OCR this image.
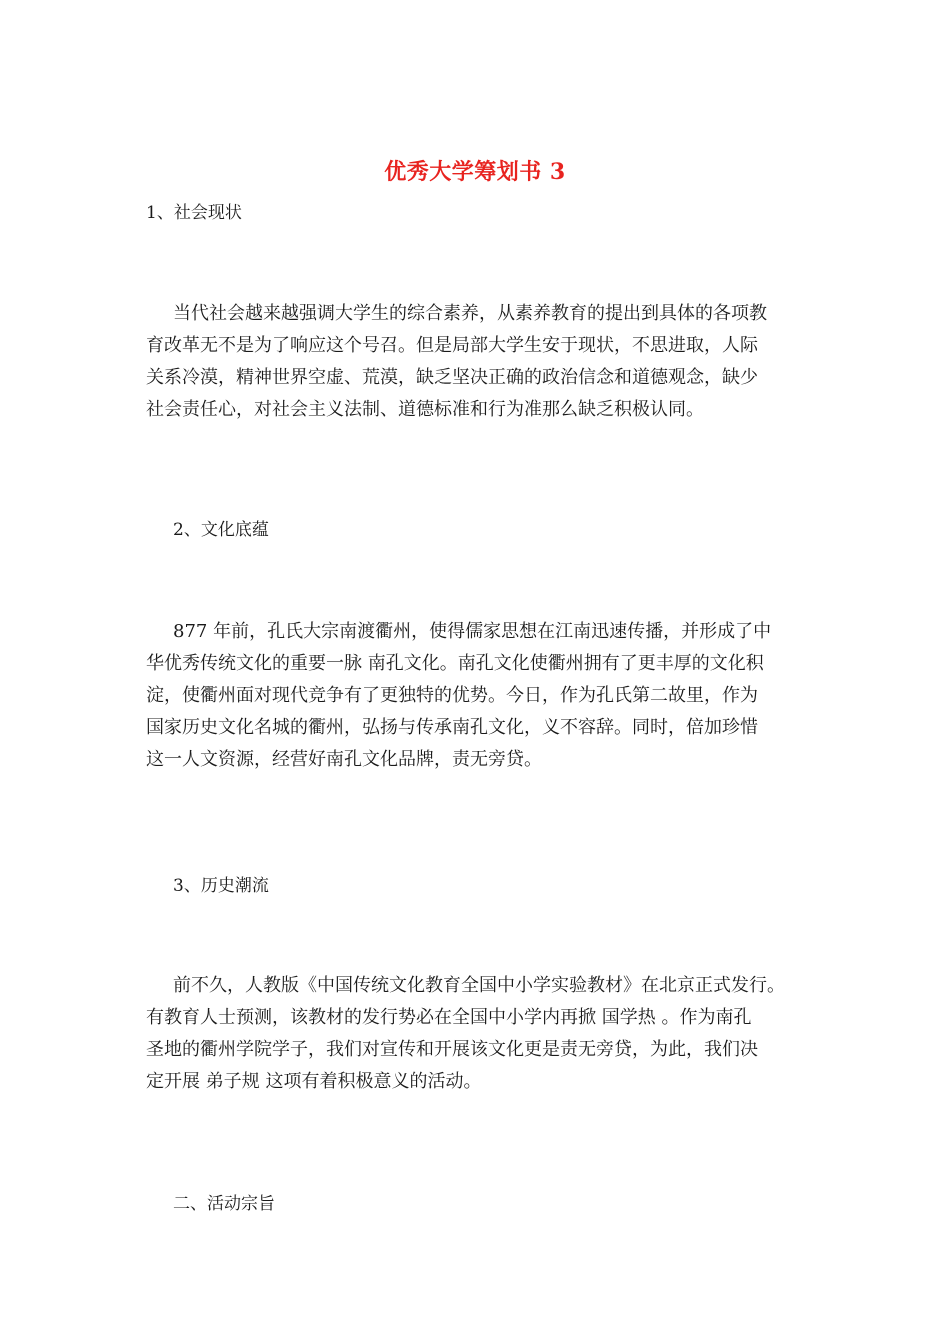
优秀大学筹划书 3
1、社会现状
当代社会越来越强调大学生的综合素养，从素养教育的提出到具体的各项教
育改革无不是为了响应这个号召。但是局部大学生安于现状，不思进取，人际
关系冷漠，精神世界空虚、荒漠，缺乏坚决正确的政治信念和道德观念，缺少
社会责任心，对社会主义法制、道德标准和行为准那么缺乏积极认同。
2、文化底蕴
877 年前，孔氏大宗南渡衢州，使得儒家思想在江南迅速传播，并形成了中
华优秀传统文化的重要一脉 南孔文化。南孔文化使衢州拥有了更丰厚的文化积
淀，使衢州面对现代竞争有了更独特的优势。今日，作为孔氏第二故里，作为
国家历史文化名城的衢州，弘扬与传承南孔文化，义不容辞。同时，倍加珍惜
这一人文资源，经营好南孔文化品牌，责无旁贷。
3、历史潮流
前不久，人教版《中国传统文化教育全国中小学实验教材》在北京正式发行。
有教育人士预测，该教材的发行势必在全国中小学内再掀 国学热 。作为南孔
圣地的衢州学院学子，我们对宣传和开展该文化更是责无旁贷，为此，我们决
定开展 弟子规 这项有着积极意义的活动。
二、活动宗旨
